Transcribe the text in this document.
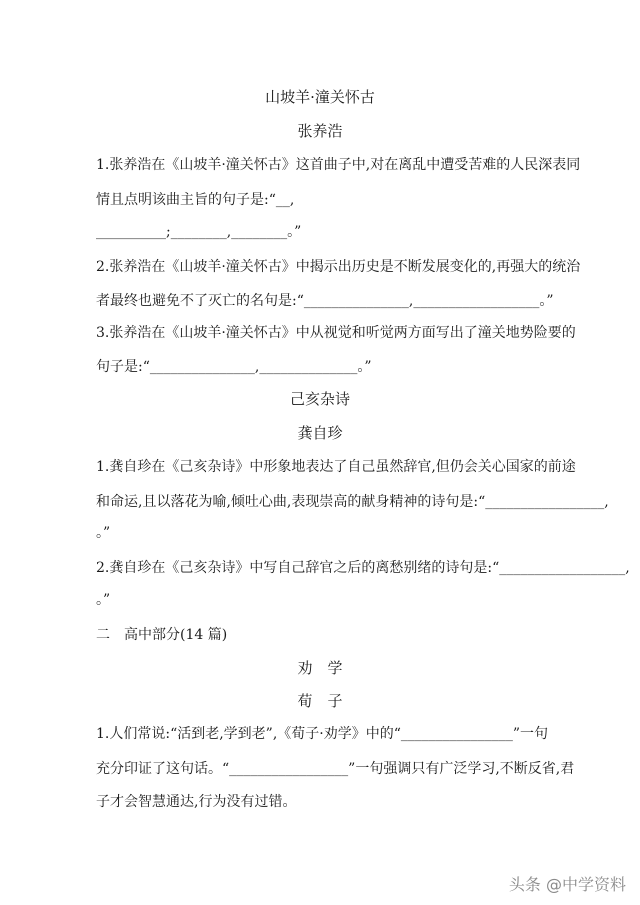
山坡羊·潼关怀古
张养浩
1.张养浩在《山坡羊·潼关怀古》这首曲子中,对在离乱中遭受苦难的人民深表同
情且点明该曲主旨的句子是:“__,
__________;________,________。”
2.张养浩在《山坡羊·潼关怀古》中揭示出历史是不断发展变化的,再强大的统治
者最终也避免不了灭亡的名句是:“_______________,__________________。”
3.张养浩在《山坡羊·潼关怀古》中从视觉和听觉两方面写出了潼关地势险要的
句子是:“_______________,______________。”
己亥杂诗
龚自珍
1.龚自珍在《己亥杂诗》中形象地表达了自己虽然辞官,但仍会关心国家的前途
和命运,且以落花为喻,倾吐心曲,表现崇高的献身精神的诗句是:“_________________,
。”
2.龚自珍在《己亥杂诗》中写自己辞官之后的离愁别绪的诗句是:“__________________,
。”
二　高中部分(14 篇)
劝　学
荀　子
1.人们常说:“活到老,学到老”,《荀子·劝学》中的“________________”一句
充分印证了这句话。“_________________”一句强调只有广泛学习,不断反省,君
子才会智慧通达,行为没有过错。
头条 @中学资料
